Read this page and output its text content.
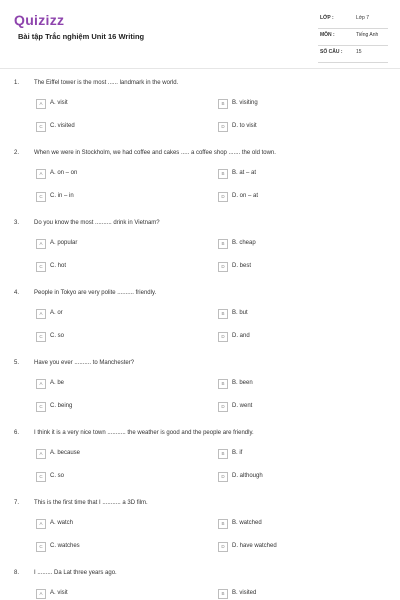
Quizizz
Bài tập Trắc nghiệm Unit 16 Writing
LỚP :	Lớp 7
MÔN :	Tiếng Anh
SỐ CÂU :	15
1. The Eiffel tower is the most ...... landmark in the world.
A	A. visit	B	B. visiting
C	C. visited	D	D. to visit
2. When we were in Stockholm, we had coffee and cakes ..... a coffee shop ....... the old town.
A	A. on – on	B	B. at – at
C	C. in – in	D	D. on – at
3. Do you know the most .......... drink in Vietnam?
A	A. popular	B	B. cheap
C	C. hot	D	D. best
4. People in Tokyo are very polite .......... friendly.
A	A. or	B	B. but
C	C. so	D	D. and
5. Have you ever .......... to Manchester?
A	A. be	B	B. been
C	C. being	D	D. went
6. I think it is a very nice town ........... the weather is good and the people are friendly.
A	A. because	B	B. if
C	C. so	D	D. although
7. This is the first time that I ........... a 3D film.
A	A. watch	B	B. watched
C	C. watches	D	D. have watched
8. I ......... Da Lat three years ago.
A	A. visit	B	B. visited
